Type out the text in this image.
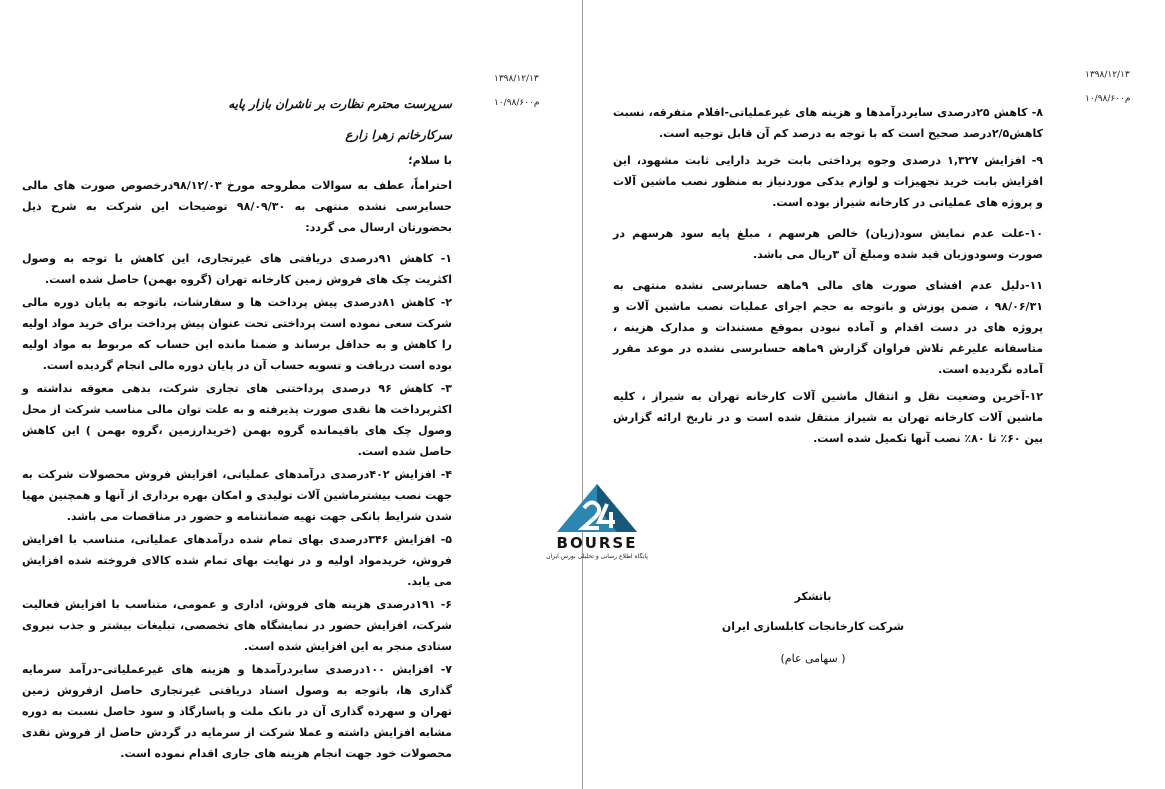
۱۳۹۸/۱۲/۱۳
۱۰/۹۸/۶۰۰م

سرپرست محترم نظارت بر ناشران بازار پایه

سرکارخانم زهرا زارع

با سلام؛

احتراماً، عطف به سوالات مطروحه مورخ ۹۸/۱۲/۰۳درخصوص صورت های مالی حسابرسی نشده منتهی به ۹۸/۰۹/۳۰ توضیحات این شرکت به شرح ذیل بحضورتان ارسال می گردد:

۱- کاهش ۹۱درصدی دریافتی های غیرتجاری، این کاهش با توجه به وصول اکثریت چک های فروش زمین کارخانه تهران (گروه بهمن) حاصل شده است.

۲- کاهش ۸۱درصدی پیش پرداخت ها و سفارشات، باتوجه به پایان دوره مالی شرکت سعی نموده است پرداختی تحت عنوان پیش پرداخت برای خرید مواد اولیه را کاهش و به حداقل برساند و ضمنا مانده این حساب که مربوط به مواد اولیه بوده است دریافت و تسویه حساب آن در پایان دوره مالی انجام گردیده است.

۳- کاهش ۹۶ درصدی پرداختنی های تجاری شرکت، بدهی معوقه نداشته و اکثرپرداخت ها نقدی صورت پذیرفته و به علت توان مالی مناسب شرکت از محل وصول چک های باقیمانده گروه بهمن (خریدارزمین ،گروه بهمن ) این کاهش حاصل شده است.

۴- افزایش ۴۰۲درصدی درآمدهای عملیاتی، افزایش فروش محصولات شرکت به جهت نصب بیشترماشین آلات تولیدی و امکان بهره برداری از آنها و همچنین مهیا شدن شرایط بانکی جهت تهیه ضمانتنامه و حضور در مناقصات می باشد.

۵- افزایش ۳۴۶درصدی بهای تمام شده درآمدهای عملیاتی، متناسب با افزایش فروش، خریدمواد اولیه و در نهایت بهای تمام شده کالای فروخته شده افزایش می یابد.

۶- ۱۹۱درصدی هزینه های فروش، اداری و عمومی، متناسب با افزایش فعالیت شرکت، افزایش حضور در نمایشگاه های تخصصی، تبلیغات بیشتر و جذب نیروی ستادی منجر به این افزایش شده است.

۷- افزایش ۱۰۰درصدی سایردرآمدها و هزینه های غیرعملیاتی-درآمد سرمایه گذاری ها، باتوجه به وصول اسناد دریافتی غیرتجاری حاصل ازفروش زمین تهران و سهرده گذاری آن در بانک ملت و پاسارگاد و سود حاصل نسبت به دوره مشابه افزایش داشته و عملا شرکت از سرمایه در گردش حاصل از فروش نقدی محصولات خود جهت انجام هزینه های جاری اقدام نموده است.

۱۳۹۸/۱۲/۱۳
۱۰/۹۸/۶۰۰م

۸- کاهش ۲۵درصدی سایردرآمدها و هزینه های غیرعملیاتی-اقلام متفرقه، نسبت کاهش۲/۵درصد صحیح است که با توجه به درصد کم آن قابل توجیه است.

۹- افزایش ۱,۳۲۷ درصدی وجوه پرداختی بابت خرید دارایی ثابت مشهود، این افزایش بابت خرید تجهیزات و لوازم یدکی موردنیاز به منظور نصب ماشین آلات و پروژه های عملیاتی در کارخانه شیراز بوده است.

۱۰-علت عدم نمایش سود(زیان) خالص هرسهم ، مبلغ پایه سود هرسهم در صورت وسودوزیان قید شده ومبلغ آن ۳ریال می باشد.

۱۱-دلیل عدم افشای صورت های مالی ۹ماهه حسابرسی نشده منتهی به ۹۸/۰۶/۳۱ ، ضمن پوزش و باتوجه به حجم اجرای عملیات نصب ماشین آلات و پروژه های در دست اقدام و آماده نبودن بموقع مستندات و مدارک هزینه ، متاسفانه علیرغم تلاش فراوان گزارش ۹ماهه حسابرسی نشده در موعد مقرر آماده نگردیده است.

۱۲-آخرین وضعیت نقل و انتقال ماشین آلات کارخانه تهران به شیراز ، کلیه ماشین آلات کارخانه تهران به شیراز منتقل شده است و در تاریخ ارائه گزارش بین ۶۰٪ تا ۸۰٪ نصب آنها تکمیل شده است.

باتشکر
شرکت کارخانجات کابلسازی ایران
( سهامی عام)
BOURSE
پایگاه اطلاع رسانی و تحلیلی بورس ایران
